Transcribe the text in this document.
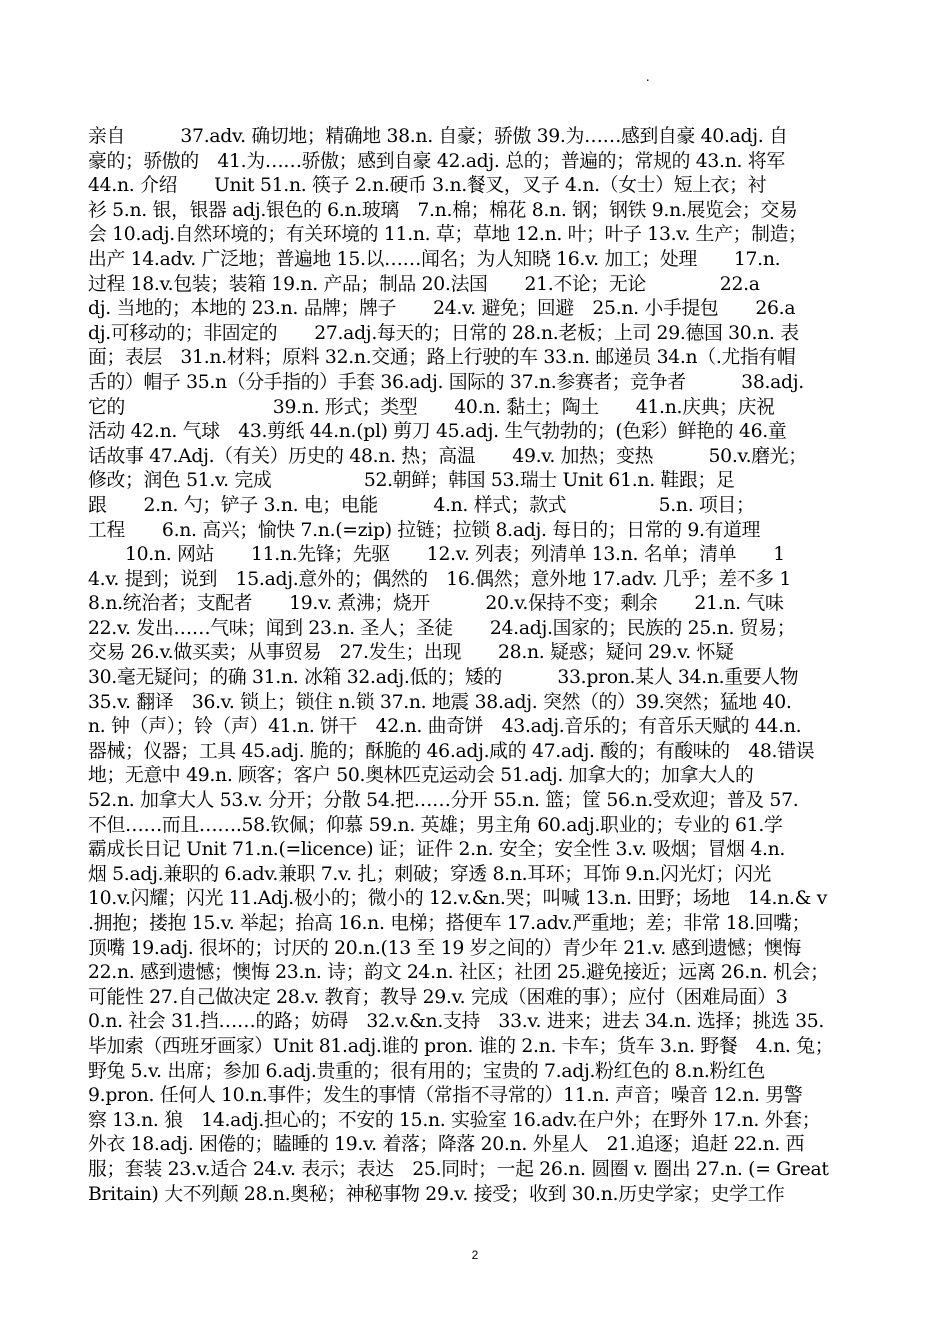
.
亲自　　　37.adv. 确切地；精确地 38.n. 自豪；骄傲 39.为……感到自豪 40.adj. 自
豪的；骄傲的　41.为……骄傲；感到自豪 42.adj. 总的；普遍的；常规的 43.n. 将军
44.n. 介绍　　Unit 51.n. 筷子 2.n.硬币 3.n.餐叉，叉子 4.n.（女士）短上衣；衬
衫 5.n. 银，银器 adj.银色的 6.n.玻璃　7.n.棉；棉花 8.n. 钢；钢铁 9.n.展览会；交易
会 10.adj.自然环境的；有关环境的 11.n. 草；草地 12.n. 叶；叶子 13.v. 生产；制造；
出产 14.adv. 广泛地；普遍地 15.以……闻名；为人知晓 16.v. 加工；处理　　17.n.
过程 18.v.包装；装箱 19.n. 产品；制品 20.法国　　21.不论；无论　　　　22.a
dj. 当地的；本地的 23.n. 品牌；牌子　　24.v. 避免；回避　25.n. 小手提包　　26.a
dj.可移动的；非固定的　　27.adj.每天的；日常的 28.n.老板；上司 29.德国 30.n. 表
面；表层　31.n.材料；原料 32.n.交通；路上行驶的车 33.n. 邮递员 34.n（.尤指有帽
舌的）帽子 35.n（分手指的）手套 36.adj. 国际的 37.n.参赛者；竞争者　　　38.adj.
它的　　　　　　　　39.n. 形式；类型　　40.n. 黏土；陶土　　41.n.庆典；庆祝
活动 42.n. 气球　43.剪纸 44.n.(pl) 剪刀 45.adj. 生气勃勃的；(色彩）鲜艳的 46.童
话故事 47.Adj.（有关）历史的 48.n. 热；高温　　49.v. 加热；变热　　　50.v.磨光；
修改；润色 51.v. 完成　　　　　52.朝鲜；韩国 53.瑞士 Unit 61.n. 鞋跟；足
跟　　2.n. 勺；铲子 3.n. 电；电能　　　4.n. 样式；款式　　　　　5.n. 项目；
工程　　6.n. 高兴；愉快 7.n.(=zip) 拉链；拉锁 8.adj. 每日的；日常的 9.有道理
　　10.n. 网站　　11.n.先锋；先驱　　12.v. 列表；列清单 13.n. 名单；清单　　1
4.v. 提到；说到　15.adj.意外的；偶然的　16.偶然；意外地 17.adv. 几乎；差不多 1
8.n.统治者；支配者　　19.v. 煮沸；烧开　　　20.v.保持不变；剩余　　21.n. 气味
22.v. 发出……气味；闻到 23.n. 圣人；圣徒　　24.adj.国家的；民族的 25.n. 贸易；
交易 26.v.做买卖；从事贸易　27.发生；出现　　28.n. 疑惑；疑问 29.v. 怀疑
30.毫无疑问；的确 31.n. 冰箱 32.adj.低的；矮的　　　33.pron.某人 34.n.重要人物
35.v. 翻译　36.v. 锁上；锁住 n.锁 37.n. 地震 38.adj. 突然（的）39.突然；猛地 40.
n. 钟（声）；铃（声）41.n. 饼干　42.n. 曲奇饼　43.adj.音乐的；有音乐天赋的 44.n.
器械；仪器；工具 45.adj. 脆的；酥脆的 46.adj.咸的 47.adj. 酸的；有酸味的　48.错误
地；无意中 49.n. 顾客；客户 50.奥林匹克运动会 51.adj. 加拿大的；加拿大人的
52.n. 加拿大人 53.v. 分开；分散 54.把……分开 55.n. 篮；筐 56.n.受欢迎；普及 57.
不但……而且…….58.钦佩；仰慕 59.n. 英雄；男主角 60.adj.职业的；专业的 61.学
霸成长日记 Unit 71.n.(=licence) 证；证件 2.n. 安全；安全性 3.v. 吸烟；冒烟 4.n.
烟 5.adj.兼职的 6.adv.兼职 7.v. 扎；刺破；穿透 8.n.耳环；耳饰 9.n.闪光灯；闪光
10.v.闪耀；闪光 11.Adj.极小的；微小的 12.v.&n.哭；叫喊 13.n. 田野；场地　14.n.& v
.拥抱；搂抱 15.v. 举起；抬高 16.n. 电梯；搭便车 17.adv.严重地；差；非常 18.回嘴；
顶嘴 19.adj. 很坏的；讨厌的 20.n.(13 至 19 岁之间的）青少年 21.v. 感到遗憾；懊悔
22.n. 感到遗憾；懊悔 23.n. 诗；韵文 24.n. 社区；社团 25.避免接近；远离 26.n. 机会；
可能性 27.自己做决定 28.v. 教育；教导 29.v. 完成（困难的事）；应付（困难局面）3
0.n. 社会 31.挡……的路；妨碍　32.v.&n.支持　33.v. 进来；进去 34.n. 选择；挑选 35.
毕加索（西班牙画家）Unit 81.adj.谁的 pron. 谁的 2.n. 卡车；货车 3.n. 野餐　4.n. 兔；
野兔 5.v. 出席；参加 6.adj.贵重的；很有用的；宝贵的 7.adj.粉红色的 8.n.粉红色
9.pron. 任何人 10.n.事件；发生的事情（常指不寻常的）11.n. 声音；噪音 12.n. 男警
察 13.n. 狼　14.adj.担心的；不安的 15.n. 实验室 16.adv.在户外；在野外 17.n. 外套；
外衣 18.adj. 困倦的；瞌睡的 19.v. 着落；降落 20.n. 外星人　21.追逐；追赶 22.n. 西
服；套装 23.v.适合 24.v. 表示；表达　25.同时；一起 26.n. 圆圈 v. 圈出 27.n. (= Great
Britain) 大不列颠 28.n.奥秘；神秘事物 29.v. 接受；收到 30.n.历史学家；史学工作
2
